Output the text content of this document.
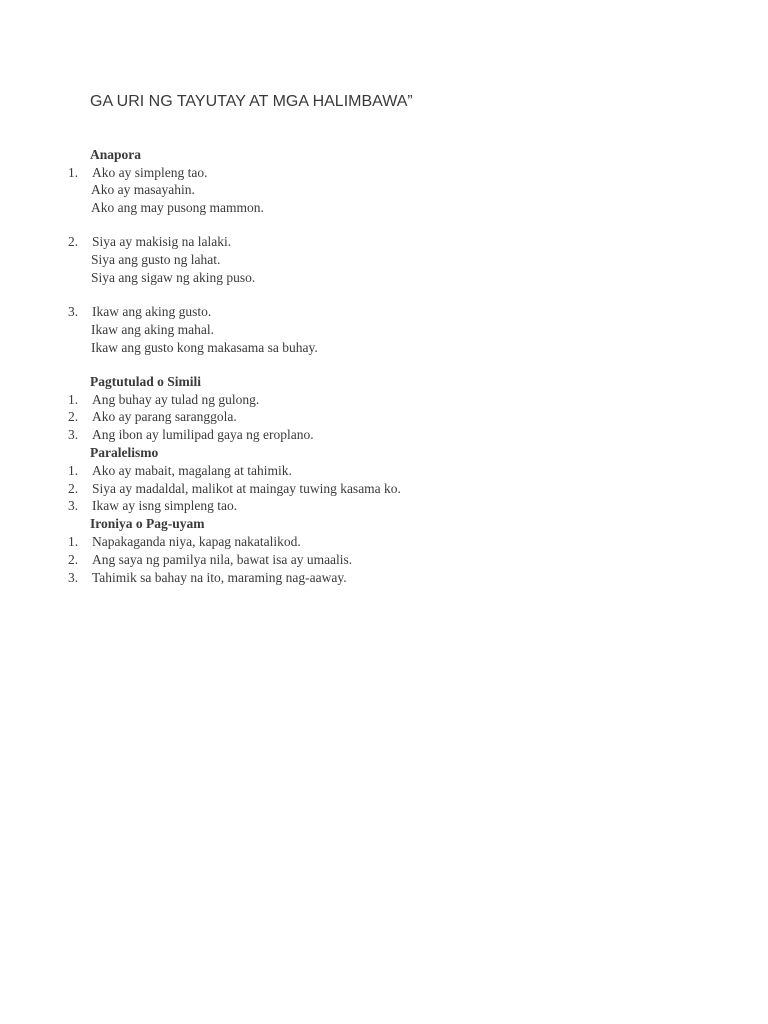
GA URI NG TAYUTAY AT MGA HALIMBAWA”
Anapora
1. Ako ay simpleng tao.
Ako ay masayahin.
Ako ang may pusong mammon.
2. Siya ay makisig na lalaki.
Siya ang gusto ng lahat.
Siya ang sigaw ng aking puso.
3. Ikaw ang aking gusto.
Ikaw ang aking mahal.
Ikaw ang gusto kong makasama sa buhay.
Pagtutulad o Simili
1. Ang buhay ay tulad ng gulong.
2. Ako ay parang saranggola.
3. Ang ibon ay lumilipad gaya ng eroplano.
Paralelismo
1. Ako ay mabait, magalang at tahimik.
2. Siya ay madaldal, malikot at maingay tuwing kasama ko.
3. Ikaw ay isng simpleng tao.
Ironiya o Pag-uyam
1. Napakaganda niya, kapag nakatalikod.
2. Ang saya ng pamilya nila, bawat isa ay umaalis.
3. Tahimik sa bahay na ito, maraming nag-aaway.
